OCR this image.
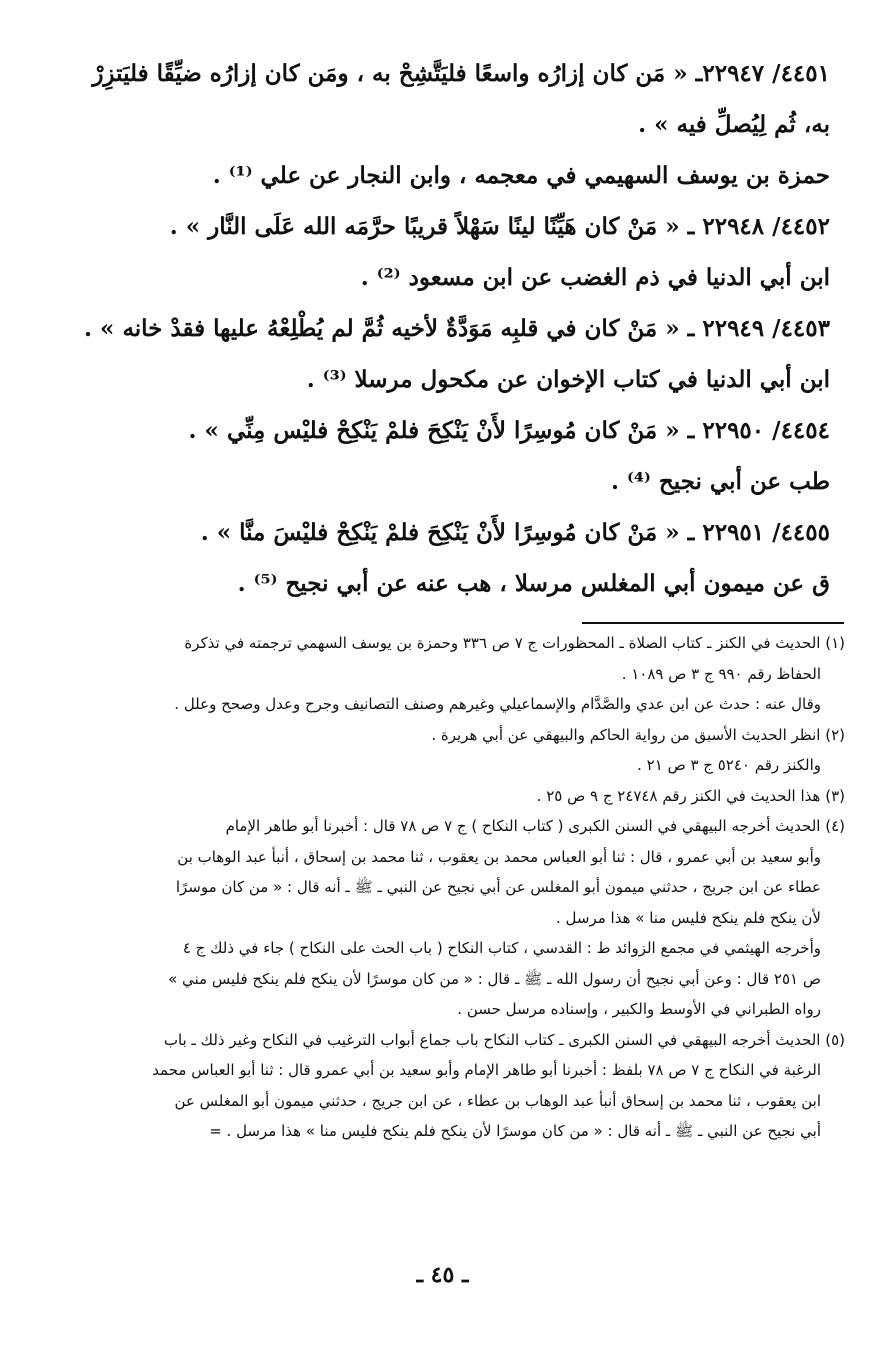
٤٤٥١/ ٢٢٩٤٧ـ « مَن كان إزارُه واسعًا فليَتَّشِحْ به ، ومَن كان إزارُه ضيِّقًا فليَتزِرْ
به، ثُم لِيُصلِّ فيه » .
حمزة بن يوسف السهيمي في معجمه ، وابن النجار عن علي ⁽¹⁾ .
٤٤٥٢/ ٢٢٩٤٨ ـ « مَنْ كان هَيِّنًا لينًا سَهْلاً قريبًا حرَّمَه الله عَلَى النَّار » .
ابن أبي الدنيا في ذم الغضب عن ابن مسعود ⁽²⁾ .
٤٤٥٣/ ٢٢٩٤٩ ـ « مَنْ كان في قلبِه مَوَدَّةٌ لأخيه ثُمَّ لم يُطْلِعْهُ عليها فقدْ خانه » .
ابن أبي الدنيا في كتاب الإخوان عن مكحول مرسلا ⁽³⁾ .
٤٤٥٤/ ٢٢٩٥٠ ـ « مَنْ كان مُوسِرًا لأَنْ يَنْكِحَ فلمْ يَنْكِحْ فليْس مِنِّي » .
طب عن أبي نجيح ⁽⁴⁾ .
٤٤٥٥/ ٢٢٩٥١ ـ « مَنْ كان مُوسِرًا لأَنْ يَنْكِحَ فلمْ يَنْكِحْ فليْسَ منَّا » .
ق عن ميمون أبي المغلس مرسلا ، هب عنه عن أبي نجيح ⁽⁵⁾ .
(١) الحديث في الكنز ـ كتاب الصلاة ـ المحظورات ج ٧ ص ٣٣٦ وحمزة بن يوسف السهمي ترجمته في تذكرة
الحفاظ رقم ٩٩٠ ج ٣ ص ١٠٨٩ .
وقال عنه : حدث عن ابن عدي والصَّدَّام والإسماعيلي وغيرهم وصنف التصانيف وجرح وعدل وصحح وعلل .
(٢) انظر الحديث الأسبق من رواية الحاكم والبيهقي عن أبي هريرة .
والكنز رقم ٥٢٤٠ ج ٣ ص ٢١ .
(٣) هذا الحديث في الكنز رقم ٢٤٧٤٨ ج ٩ ص ٢٥ .
(٤) الحديث أخرجه البيهقي في السنن الكبرى ( كتاب النكاح ) ج ٧ ص ٧٨ قال : أخبرنا أبو طاهر الإمام
وأبو سعيد بن أبي عمرو ، قال : ثنا أبو العباس محمد بن يعقوب ، ثنا محمد بن إسحاق ، أنبأ عبد الوهاب بن
عطاء عن ابن جريج ، حدثني ميمون أبو المغلس عن أبي نجيح عن النبي ـ ﷺ ـ أنه قال : « من كان موسرًا
لأن ينكح فلم ينكح فليس منا » هذا مرسل .
وأخرجه الهيثمي في مجمع الزوائد ط : القدسي ، كتاب النكاح ( باب الحث على النكاح ) جاء في ذلك ج ٤
ص ٢٥١ قال : وعن أبي نجيح أن رسول الله ـ ﷺ ـ قال : « من كان موسرًا لأن ينكح فلم ينكح فليس مني »
رواه الطبراني في الأوسط والكبير ، وإسناده مرسل حسن .
(٥) الحديث أخرجه البيهقي في السنن الكبرى ـ كتاب النكاح باب جماع أبواب الترغيب في النكاح وغير ذلك ـ باب
الرغبة في النكاح ج ٧ ص ٧٨ بلفظ : أخبرنا أبو طاهر الإمام وأبو سعيد بن أبي عمرو قال : ثنا أبو العباس محمد
ابن يعقوب ، ثنا محمد بن إسحاق أنبأ عبد الوهاب بن عطاء ، عن ابن جريج ، حدثني ميمون أبو المغلس عن
أبي نجيح عن النبي ـ ﷺ ـ أنه قال : « من كان موسرًا لأن ينكح فلم ينكح فليس منا » هذا مرسل . =
ـ ٤٥ ـ
